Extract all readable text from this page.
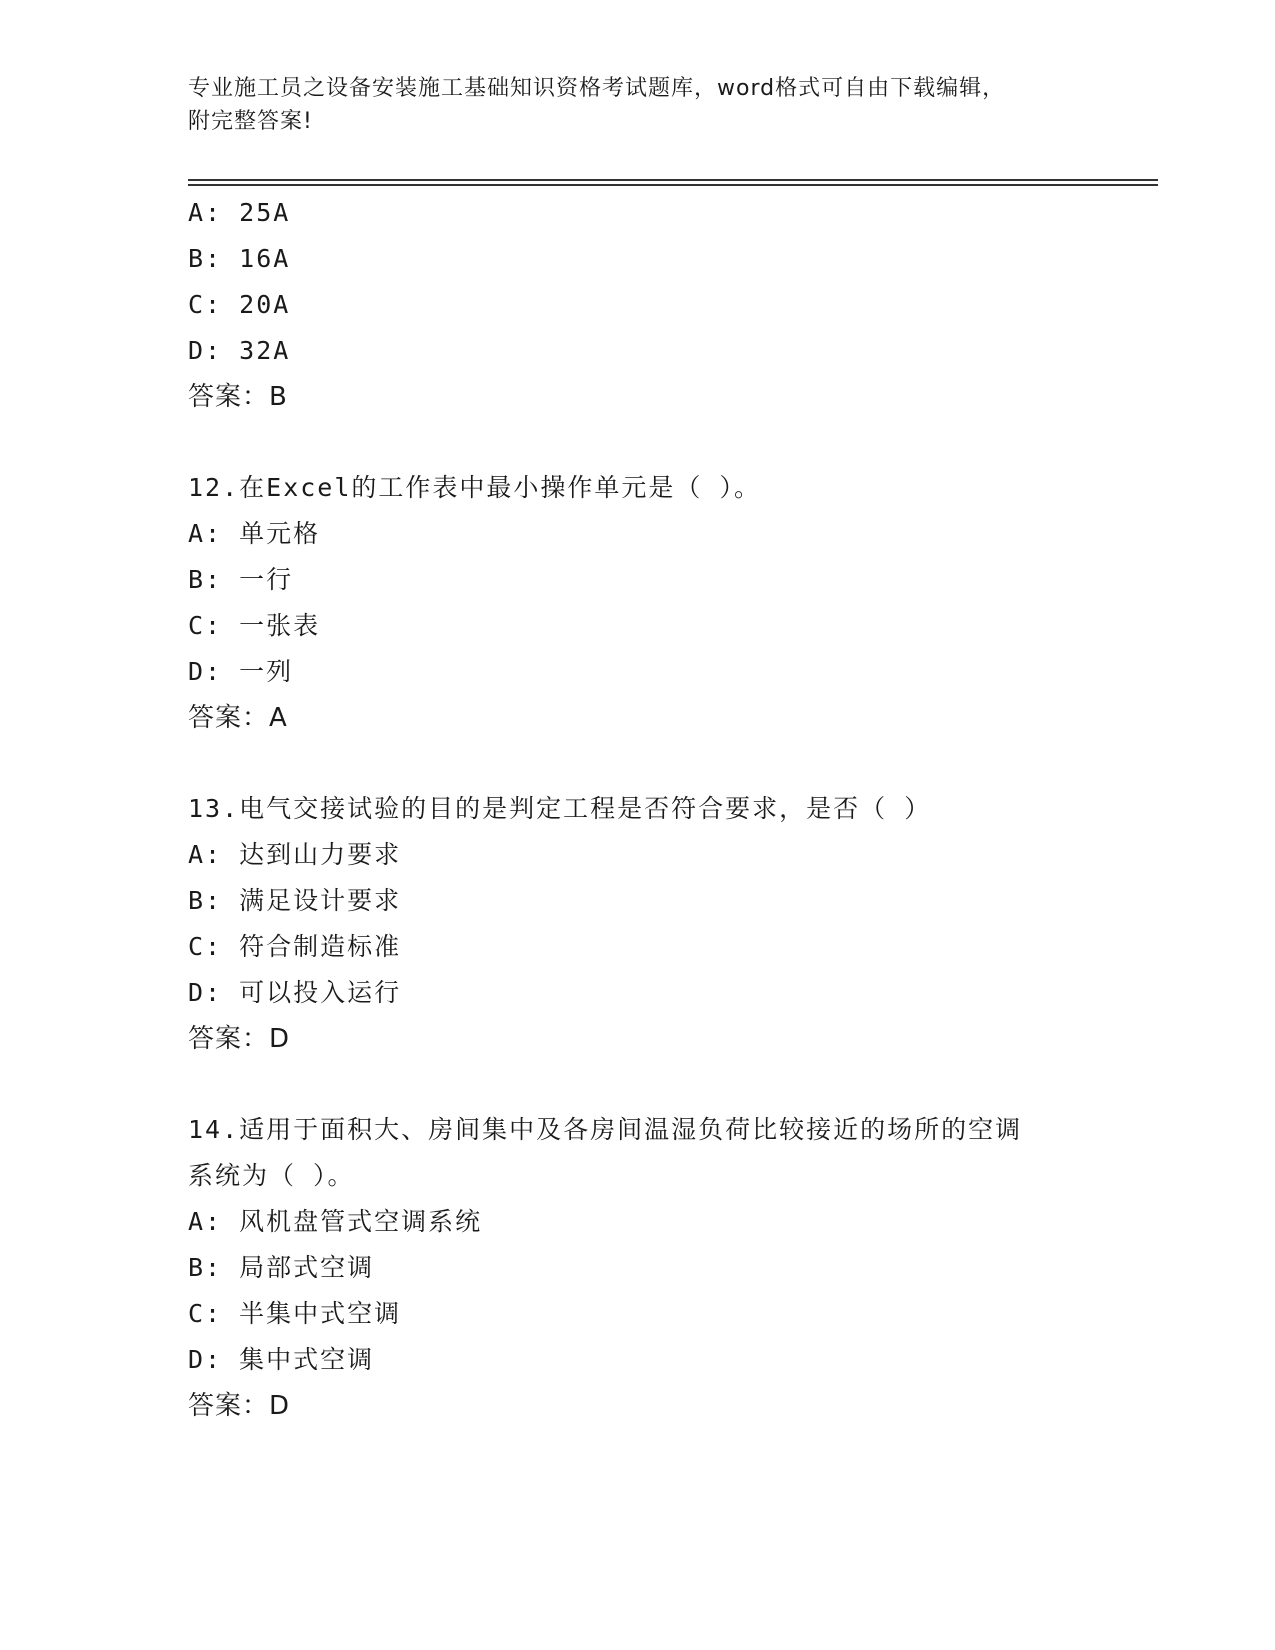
专业施工员之设备安装施工基础知识资格考试题库，word格式可自由下载编辑，
附完整答案!
A: 25A
B: 16A
C: 20A
D: 32A
答案：B
12.在Excel的工作表中最小操作单元是（ ）。
A: 单元格
B: 一行
C: 一张表
D: 一列
答案：A
13.电气交接试验的目的是判定工程是否符合要求，是否（ ）
A: 达到山力要求
B: 满足设计要求
C: 符合制造标准
D: 可以投入运行
答案：D
14.适用于面积大、房间集中及各房间温湿负荷比较接近的场所的空调
系统为（ ）。
A: 风机盘管式空调系统
B: 局部式空调
C: 半集中式空调
D: 集中式空调
答案：D
